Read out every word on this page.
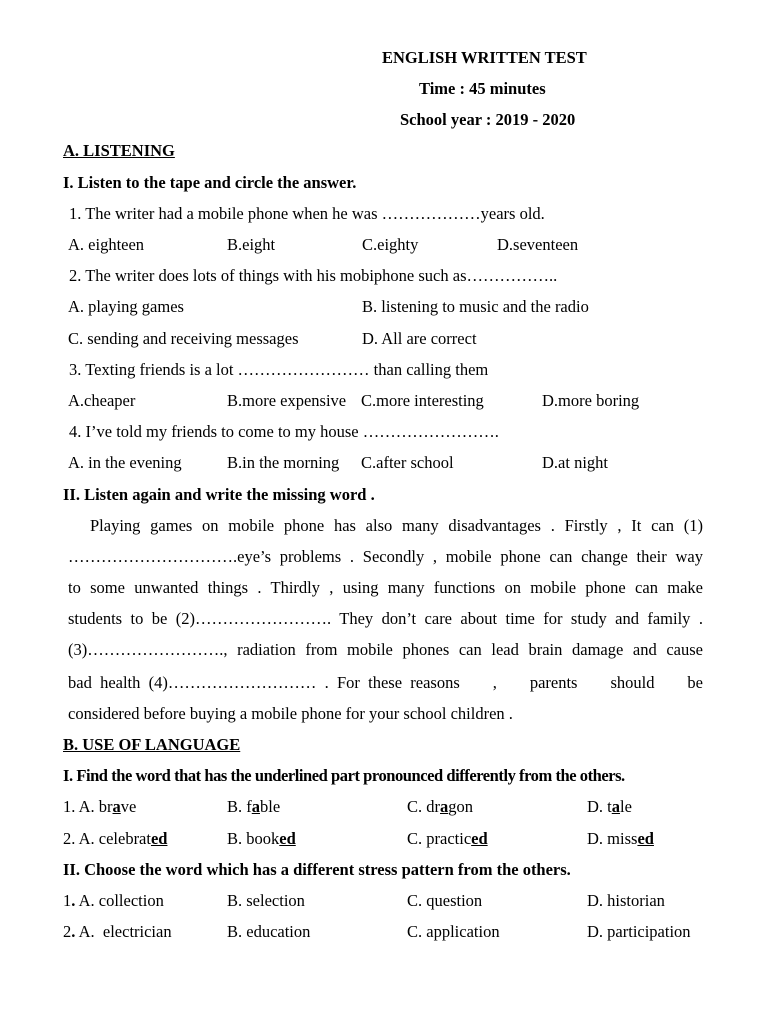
ENGLISH WRITTEN TEST
Time : 45 minutes
School year : 2019 - 2020
A. LISTENING
I. Listen to the tape and circle the answer.
1. The writer had a mobile phone when he was ………………years old.
A. eighteen	B.eight	C.eighty	D.seventeen
2. The writer does lots of things with his mobiphone such as……………..
A. playing games	B. listening to music and the radio
C. sending and receiving messages	D. All are correct
3. Texting friends is a lot …………………… than calling them
A.cheaper	B.more expensive C.more interesting	D.more boring
4. I’ve told my friends to come to my house …………………….
A. in the evening	B.in the morning C.after school	D.at night
II. Listen again and write the missing word .
Playing games on mobile phone has also many disadvantages . Firstly , It can (1)
………………………….eye’s problems . Secondly , mobile phone can change their way
to some unwanted things . Thirdly , using many functions on mobile phone can make
students to be (2)……………………. They don’t care about time for study and family .
(3)……………………., radiation from mobile phones can lead brain damage and cause
bad health (4)……………………… . For these reasons    ,    parents    should    be
considered before buying a mobile phone for your school children .
B. USE OF LANGUAGE
I. Find the word that has the underlined part pronounced differently from the others.
1. A. brave	B. fable	C. dragon	D. tale
2. A. celebrated	B. booked	C. practiced	D. missed
II. Choose the word which has a different stress pattern from the others.
1. A. collection	B. selection	C. question	D. historian
2. A.  electrician	B. education	C. application	D. participation
